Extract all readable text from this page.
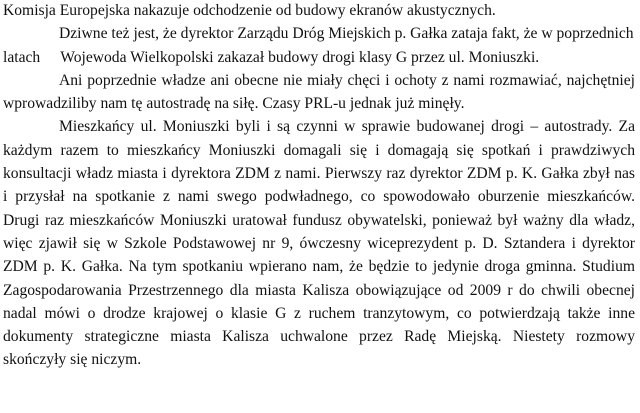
Komisja Europejska nakazuje odchodzenie od budowy ekranów akustycznych.
Dziwne też jest, że dyrektor Zarządu Dróg Miejskich p. Gałka zataja fakt, że w poprzednich
latach Wojewoda Wielkopolski zakazał budowy drogi klasy G przez ul. Moniuszki.
Ani poprzednie władze ani obecne nie miały chęci i ochoty z nami rozmawiać, najchętniej
wprowadziliby nam tę autostradę na siłę. Czasy PRL-u jednak już minęły.
Mieszkańcy ul. Moniuszki byli i są czynni w sprawie budowanej drogi – autostrady. Za
każdym razem to mieszkańcy Moniuszki domagali się i domagają się spotkań i prawdziwych
konsultacji władz miasta i dyrektora ZDM z nami. Pierwszy raz dyrektor ZDM p. K. Gałka zbył nas
i przysłał na spotkanie z nami swego podwładnego, co spowodowało oburzenie mieszkańców.
Drugi raz mieszkańców Moniuszki uratował fundusz obywatelski, ponieważ był ważny dla władz,
więc zjawił się w Szkole Podstawowej nr 9, ówczesny wiceprezydent p. D. Sztandera i dyrektor
ZDM p. K. Gałka. Na tym spotkaniu wpierano nam, że będzie to jedynie droga gminna. Studium
Zagospodarowania Przestrzennego dla miasta Kalisza obowiązujące od 2009 r do chwili obecnej
nadal mówi o drodze krajowej o klasie G z ruchem tranzytowym, co potwierdzają także inne
dokumenty strategiczne miasta Kalisza uchwalone przez Radę Miejską. Niestety rozmowy
skończyły się niczym.
